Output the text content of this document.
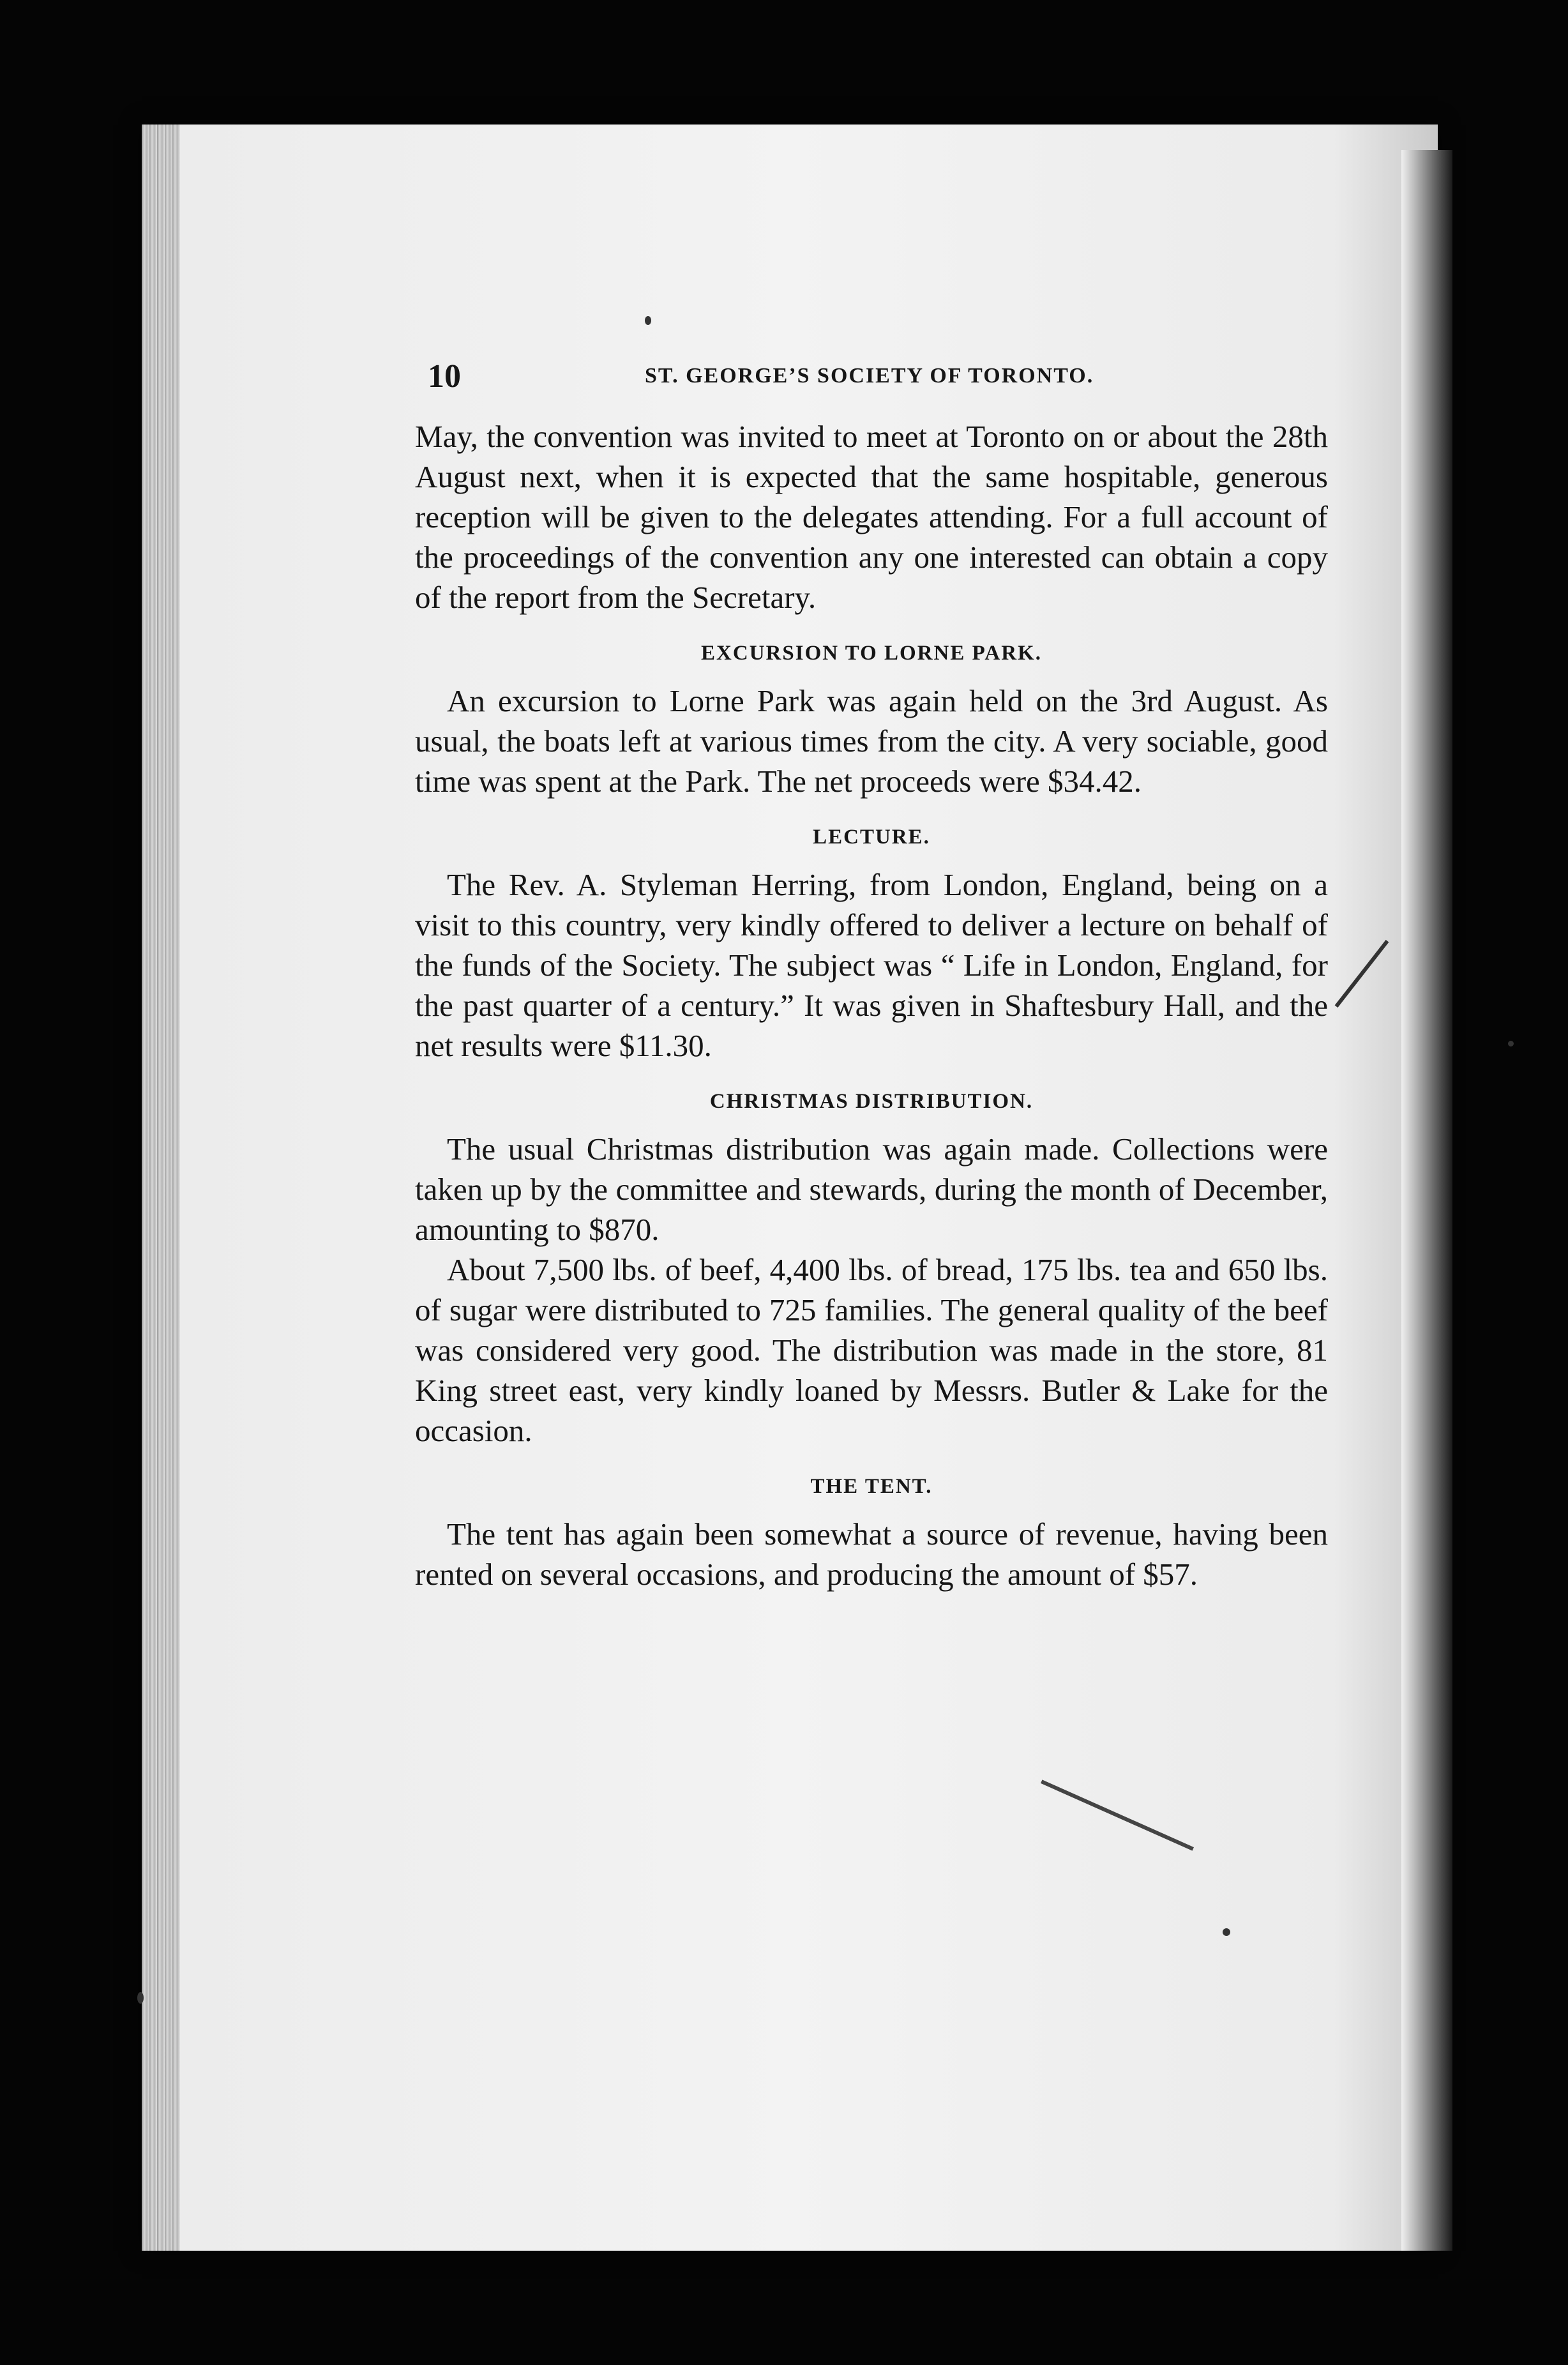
10	ST. GEORGE’S SOCIETY OF TORONTO.

May, the convention was invited to meet at Toronto on or about the 28th August next, when it is expected that the same hospitable, generous reception will be given to the delegates attending. For a full account of the proceedings of the convention any one interested can obtain a copy of the report from the Secretary.

EXCURSION TO LORNE PARK.

An excursion to Lorne Park was again held on the 3rd August. As usual, the boats left at various times from the city. A very sociable, good time was spent at the Park. The net proceeds were $34.42.

LECTURE.

The Rev. A. Styleman Herring, from London, England, being on a visit to this country, very kindly offered to deliver a lecture on behalf of the funds of the Society. The subject was “ Life in London, England, for the past quarter of a century.” It was given in Shaftesbury Hall, and the net results were $11.30.

CHRISTMAS DISTRIBUTION.

The usual Christmas distribution was again made. Collections were taken up by the committee and stewards, during the month of December, amounting to $870.

About 7,500 lbs. of beef, 4,400 lbs. of bread, 175 lbs. tea and 650 lbs. of sugar were distributed to 725 families. The general quality of the beef was considered very good. The distribution was made in the store, 81 King street east, very kindly loaned by Messrs. Butler & Lake for the occasion.

THE TENT.

The tent has again been somewhat a source of revenue, having been rented on several occasions, and producing the amount of $57.
